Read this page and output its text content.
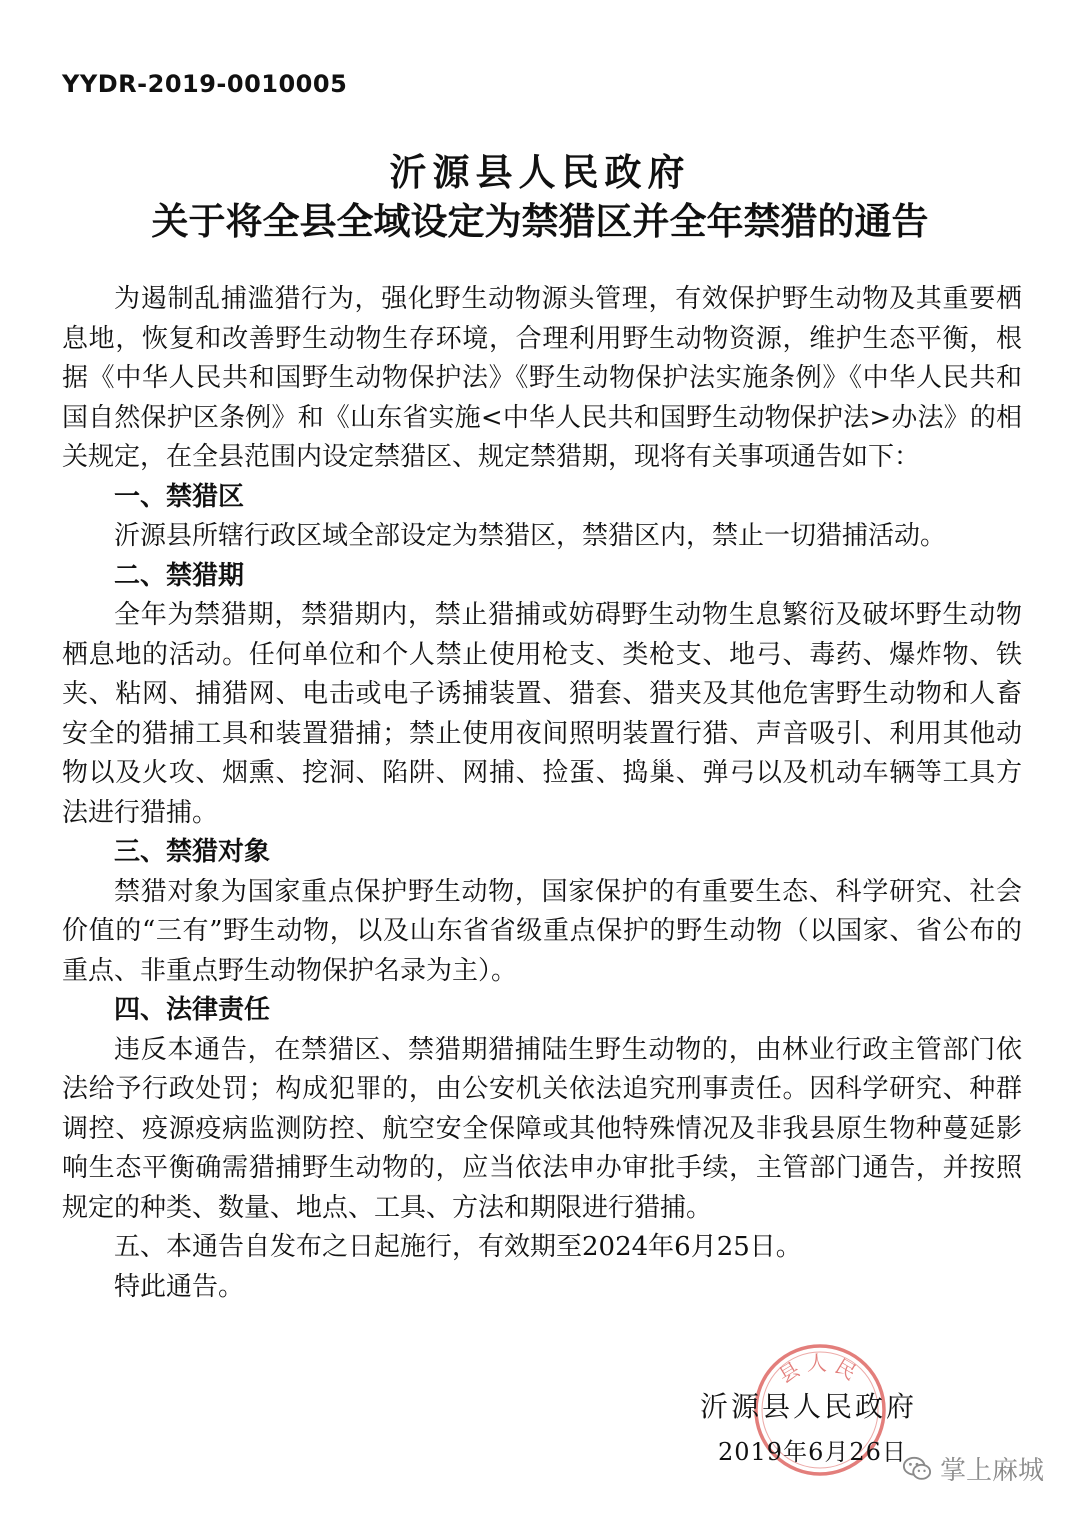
YYDR-2019-0010005
沂源县人民政府
关于将全县全域设定为禁猎区并全年禁猎的通告

为遏制乱捕滥猎行为，强化野生动物源头管理，有效保护野生动物及其重要栖息地，恢复和改善野生动物生存环境，合理利用野生动物资源，维护生态平衡，根据《中华人民共和国野生动物保护法》《野生动物保护法实施条例》《中华人民共和国自然保护区条例》和《山东省实施<中华人民共和国野生动物保护法>办法》的相关规定，在全县范围内设定禁猎区、规定禁猎期，现将有关事项通告如下：

一、禁猎区

沂源县所辖行政区域全部设定为禁猎区，禁猎区内，禁止一切猎捕活动。

二、禁猎期

全年为禁猎期，禁猎期内，禁止猎捕或妨碍野生动物生息繁衍及破坏野生动物栖息地的活动。任何单位和个人禁止使用枪支、类枪支、地弓、毒药、爆炸物、铁夹、粘网、捕猎网、电击或电子诱捕装置、猎套、猎夹及其他危害野生动物和人畜安全的猎捕工具和装置猎捕；禁止使用夜间照明装置行猎、声音吸引、利用其他动物以及火攻、烟熏、挖洞、陷阱、网捕、捡蛋、捣巢、弹弓以及机动车辆等工具方法进行猎捕。

三、禁猎对象

禁猎对象为国家重点保护野生动物，国家保护的有重要生态、科学研究、社会价值的“三有”野生动物，以及山东省省级重点保护的野生动物（以国家、省公布的重点、非重点野生动物保护名录为主）。

四、法律责任

违反本通告，在禁猎区、禁猎期猎捕陆生野生动物的，由林业行政主管部门依法给予行政处罚；构成犯罪的，由公安机关依法追究刑事责任。因科学研究、种群调控、疫源疫病监测防控、航空安全保障或其他特殊情况及非我县原生物种蔓延影响生态平衡确需猎捕野生动物的，应当依法申办审批手续，主管部门通告，并按照规定的种类、数量、地点、工具、方法和期限进行猎捕。

五、本通告自发布之日起施行，有效期至2024年6月25日。

特此通告。

县人民
沂源县人民政府
2019年6月26日
掌上麻城
